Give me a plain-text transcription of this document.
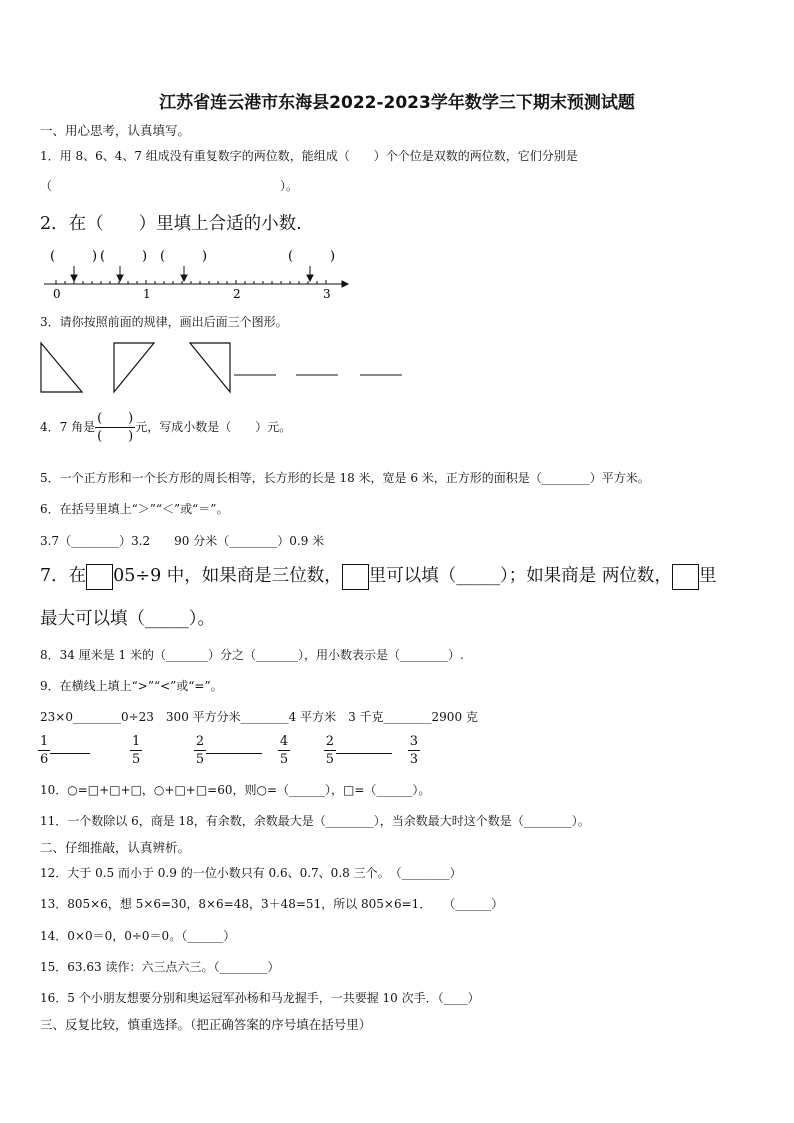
江苏省连云港市东海县2022-2023学年数学三下期末预测试题
一、用心思考，认真填写。
1．用 8、6、4、7 组成没有重复数字的两位数，能组成（　　）个个位是双数的两位数，它们分别是
（　　　　　　　　　　　　　　　　　　　）。
2．在（　　）里填上合适的小数.
(	) (	) (	)	(	)
0	1	2	3
3．请你按照前面的规律，画出后面三个图形。
4．7 角是 $\frac{( )}{( )}$ 元，写成小数是（　　）元。
5．一个正方形和一个长方形的周长相等，长方形的长是 18 米，宽是 6 米，正方形的面积是（________）平方米。
6．在括号里填上“＞”“＜”或“＝”。
3.7（________）3.2　　90 分米（________）0.9 米
7．在 05÷9 中，如果商是三位数， 里可以填（_____）；如果商是 两位数， 里
最大可以填（_____）。
8．34 厘米是 1 米的（_______）分之（_______），用小数表示是（________）.
9．在横线上填上“>”“<”或“=”。
23×0________0÷23　300 平方分米________4 平方米　3 千克________2900 克
$\frac{1}{6}$
	$\frac{1}{5}$
	$\frac{2}{5}$
	$\frac{4}{5}$
	$\frac{2}{5}$
	$\frac{3}{3}$
10．○=□+□+□，○+□+□=60，则○=（______），□=（______）。
11．一个数除以 6，商是 18，有余数，余数最大是（________），当余数最大时这个数是（________）。
二、仔细推敲，认真辨析。
12．大于 0.5 而小于 0.9 的一位小数只有 0.6、0.7、0.8 三个。　（________）
13．805×6，想 5×6=30，8×6=48，3＋48=51，所以 805×6=1．　　（______）
14．0×0＝0，0÷0＝0。（______）
15．63.63 读作：六三点六三。（________）
16．5 个小朋友想要分别和奥运冠军孙杨和马龙握手，一共要握 10 次手．（____）
三、反复比较，慎重选择。（把正确答案的序号填在括号里）
